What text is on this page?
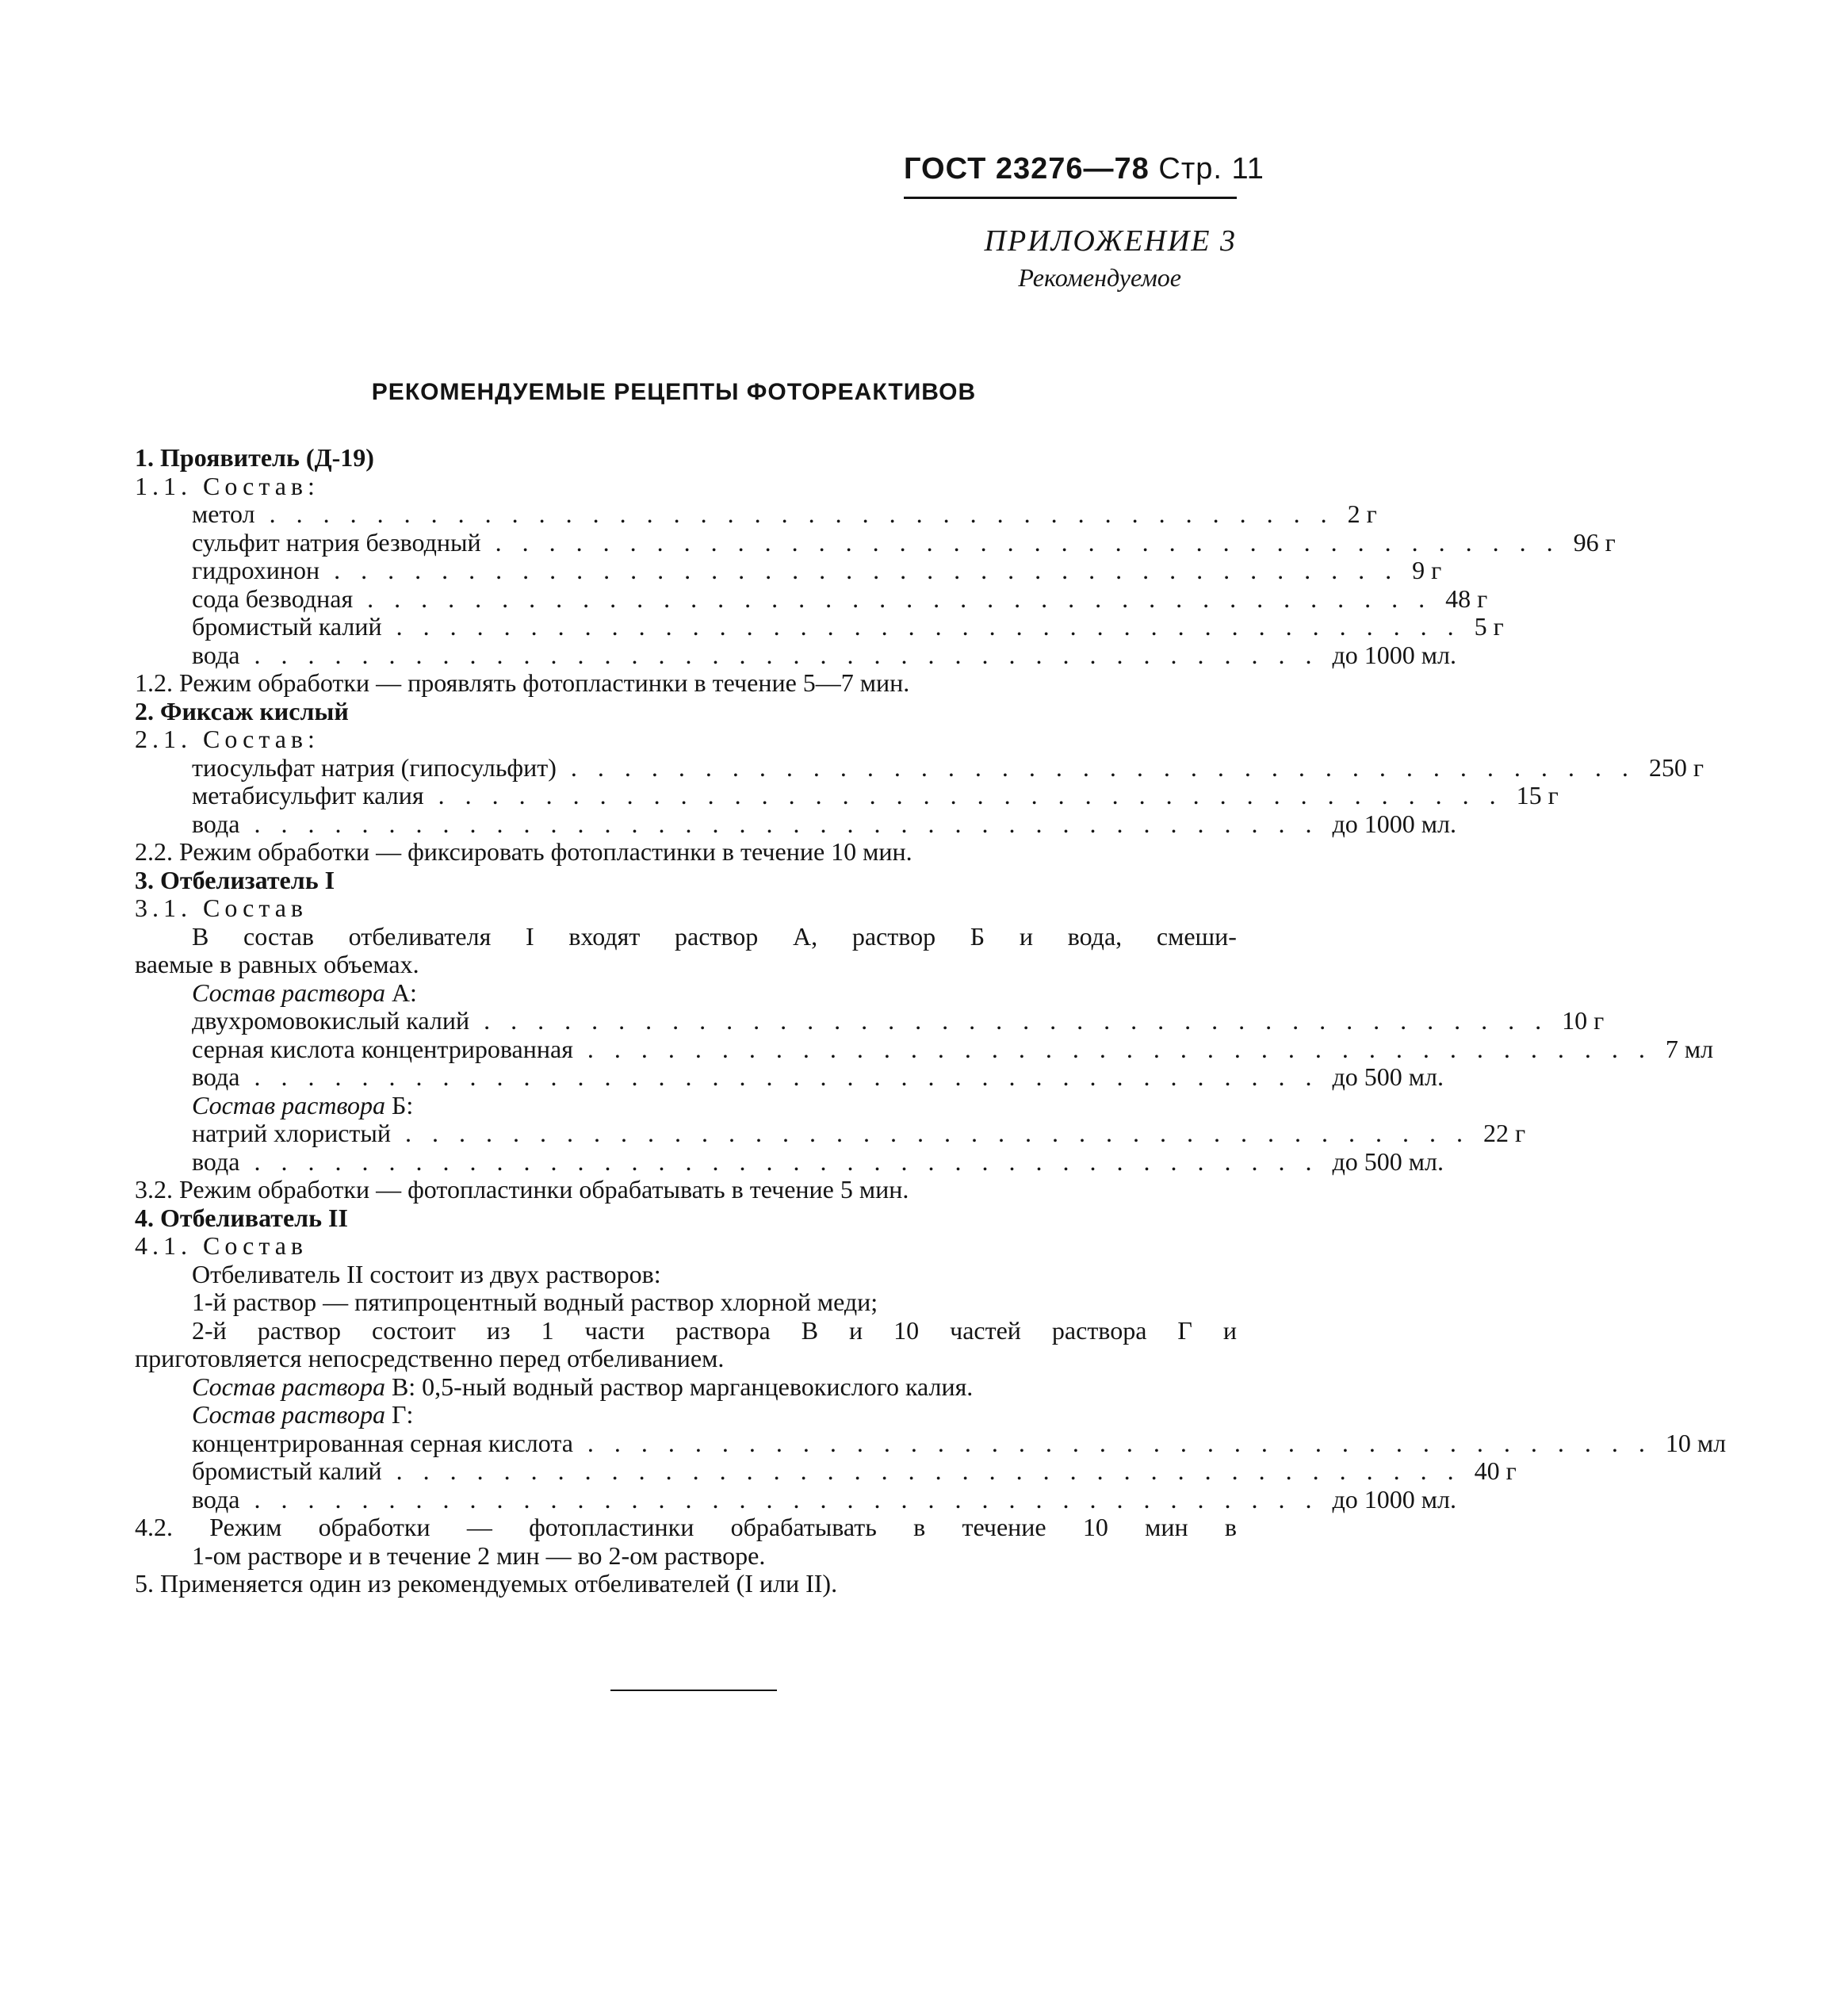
ГОСТ 23276—78 Стр. 11
ПРИЛОЖЕНИЕ 3
Рекомендуемое
РЕКОМЕНДУЕМЫЕ РЕЦЕПТЫ ФОТОРЕАКТИВОВ
1. Проявитель (Д-19)
1.1. Состав:
метол ........................................ 2 г
сульфит натрия безводный ........................................ 96 г
гидрохинон ........................................ 9 г
сода безводная ........................................ 48 г
бромистый калий ........................................ 5 г
вода ........................................ до 1000 мл.
1.2. Режим обработки — проявлять фотопластинки в течение 5—7 мин.
2. Фиксаж кислый
2.1. Состав:
тиосульфат натрия (гипосульфит) ........................................ 250 г
метабисульфит калия ........................................ 15 г
вода ........................................ до 1000 мл.
2.2. Режим обработки — фиксировать фотопластинки в течение 10 мин.
3. Отбелизатель I
3.1. Состав
В состав отбеливателя I входят раствор А, раствор Б и вода, смеши-
ваемые в равных объемах.
Состав раствора А:
двухромовокислый калий ........................................ 10 г
серная кислота концентрированная ........................................ 7 мл
вода ........................................ до 500 мл.
Состав раствора Б:
натрий хлористый ........................................ 22 г
вода ........................................ до 500 мл.
3.2. Режим обработки — фотопластинки обрабатывать в течение 5 мин.
4. Отбеливатель II
4.1. Состав
Отбеливатель II состоит из двух растворов:
1-й раствор — пятипроцентный водный раствор хлорной меди;
2-й раствор состоит из 1 части раствора В и 10 частей раствора Г и
приготовляется непосредственно перед отбеливанием.
Состав раствора В: 0,5-ный водный раствор марганцевокислого калия.
Состав раствора Г:
концентрированная серная кислота ........................................ 10 мл
бромистый калий ........................................ 40 г
вода ........................................ до 1000 мл.
4.2. Режим обработки — фотопластинки обрабатывать в течение 10 мин в
1-ом растворе и в течение 2 мин — во 2-ом растворе.
5. Применяется один из рекомендуемых отбеливателей (I или II).
